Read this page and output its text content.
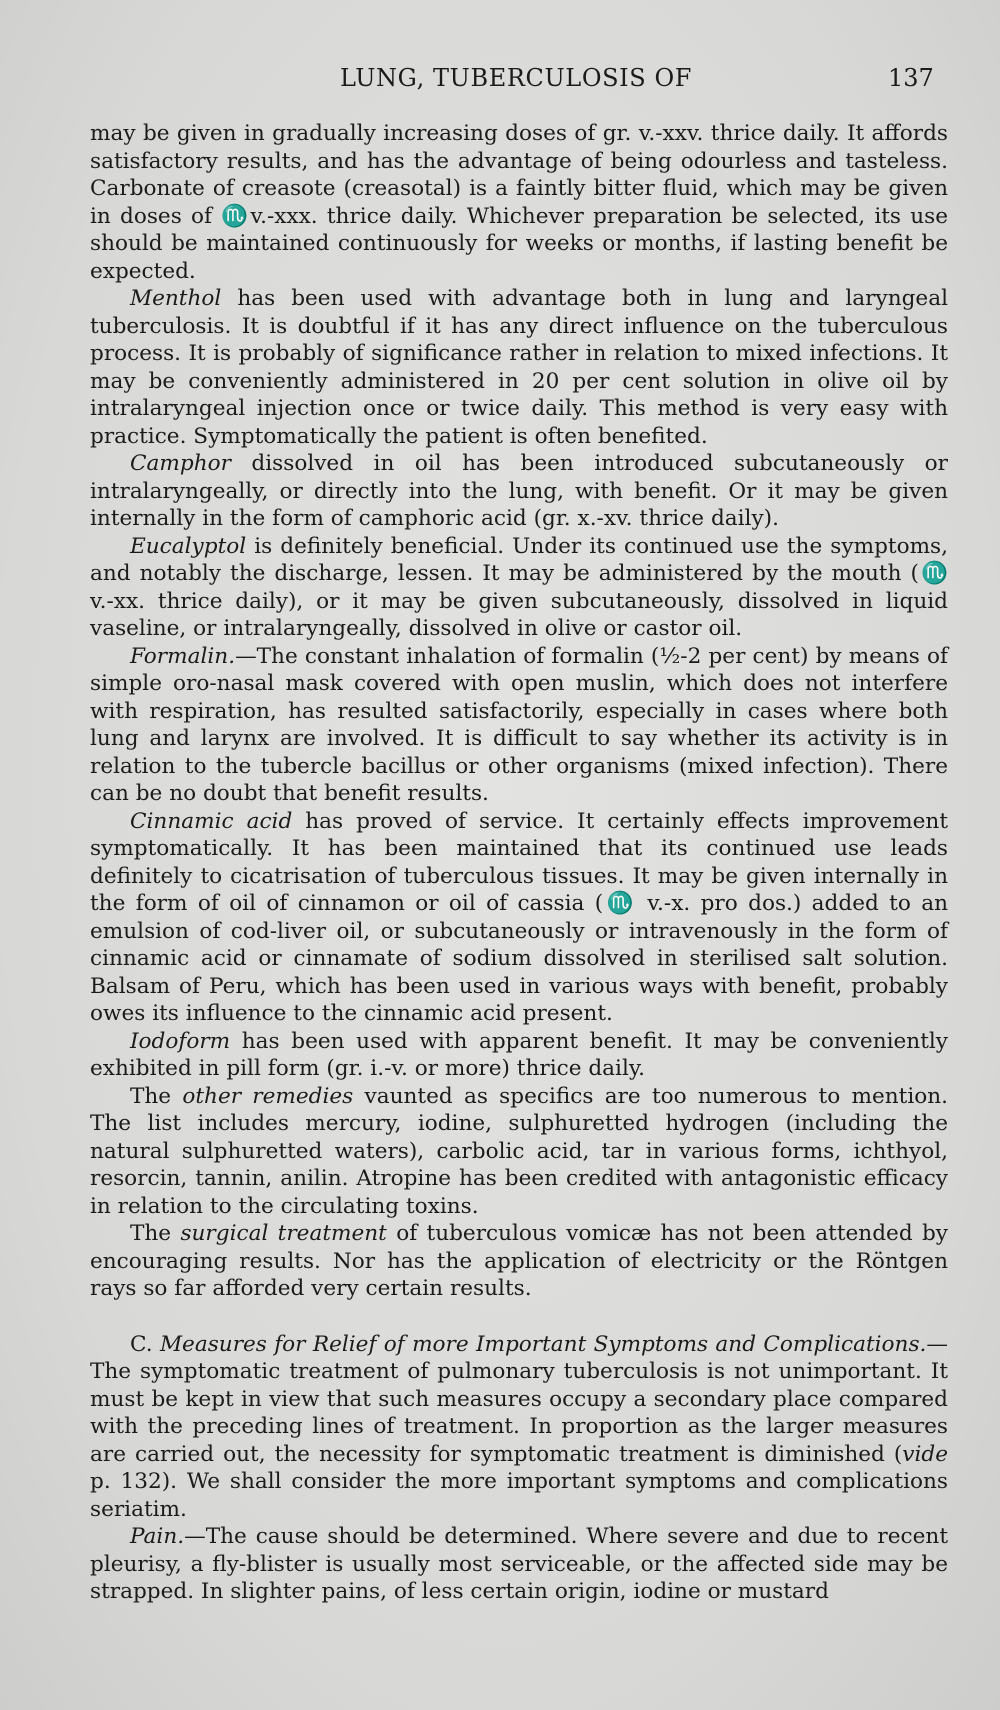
LUNG, TUBERCULOSIS OF	137

may be given in gradually increasing doses of gr. v.-xxv. thrice daily. It affords satisfactory results, and has the advantage of being odourless and tasteless. Carbonate of creasote (creasotal) is a faintly bitter fluid, which may be given in doses of ♏v.-xxx. thrice daily. Whichever preparation be selected, its use should be maintained continuously for weeks or months, if lasting benefit be expected.

Menthol has been used with advantage both in lung and laryngeal tuberculosis. It is doubtful if it has any direct influence on the tuberculous process. It is probably of significance rather in relation to mixed infections. It may be conveniently administered in 20 per cent solution in olive oil by intralaryngeal injection once or twice daily. This method is very easy with practice. Symptomatically the patient is often benefited.

Camphor dissolved in oil has been introduced subcutaneously or intralaryngeally, or directly into the lung, with benefit. Or it may be given internally in the form of camphoric acid (gr. x.-xv. thrice daily).

Eucalyptol is definitely beneficial. Under its continued use the symptoms, and notably the discharge, lessen. It may be administered by the mouth (♏ v.-xx. thrice daily), or it may be given subcutaneously, dissolved in liquid vaseline, or intralaryngeally, dissolved in olive or castor oil.

Formalin.—The constant inhalation of formalin (½-2 per cent) by means of simple oro-nasal mask covered with open muslin, which does not interfere with respiration, has resulted satisfactorily, especially in cases where both lung and larynx are involved. It is difficult to say whether its activity is in relation to the tubercle bacillus or other organisms (mixed infection). There can be no doubt that benefit results.

Cinnamic acid has proved of service. It certainly effects improvement symptomatically. It has been maintained that its continued use leads definitely to cicatrisation of tuberculous tissues. It may be given internally in the form of oil of cinnamon or oil of cassia (♏ v.-x. pro dos.) added to an emulsion of cod-liver oil, or subcutaneously or intravenously in the form of cinnamic acid or cinnamate of sodium dissolved in sterilised salt solution. Balsam of Peru, which has been used in various ways with benefit, probably owes its influence to the cinnamic acid present.

Iodoform has been used with apparent benefit. It may be conveniently exhibited in pill form (gr. i.-v. or more) thrice daily.

The other remedies vaunted as specifics are too numerous to mention. The list includes mercury, iodine, sulphuretted hydrogen (including the natural sulphuretted waters), carbolic acid, tar in various forms, ichthyol, resorcin, tannin, anilin. Atropine has been credited with antagonistic efficacy in relation to the circulating toxins.

The surgical treatment of tuberculous vomicæ has not been attended by encouraging results. Nor has the application of electricity or the Röntgen rays so far afforded very certain results.

C. Measures for Relief of more Important Symptoms and Complications.—The symptomatic treatment of pulmonary tuberculosis is not unimportant. It must be kept in view that such measures occupy a secondary place compared with the preceding lines of treatment. In proportion as the larger measures are carried out, the necessity for symptomatic treatment is diminished (vide p. 132). We shall consider the more important symptoms and complications seriatim.

Pain.—The cause should be determined. Where severe and due to recent pleurisy, a fly-blister is usually most serviceable, or the affected side may be strapped. In slighter pains, of less certain origin, iodine or mustard
